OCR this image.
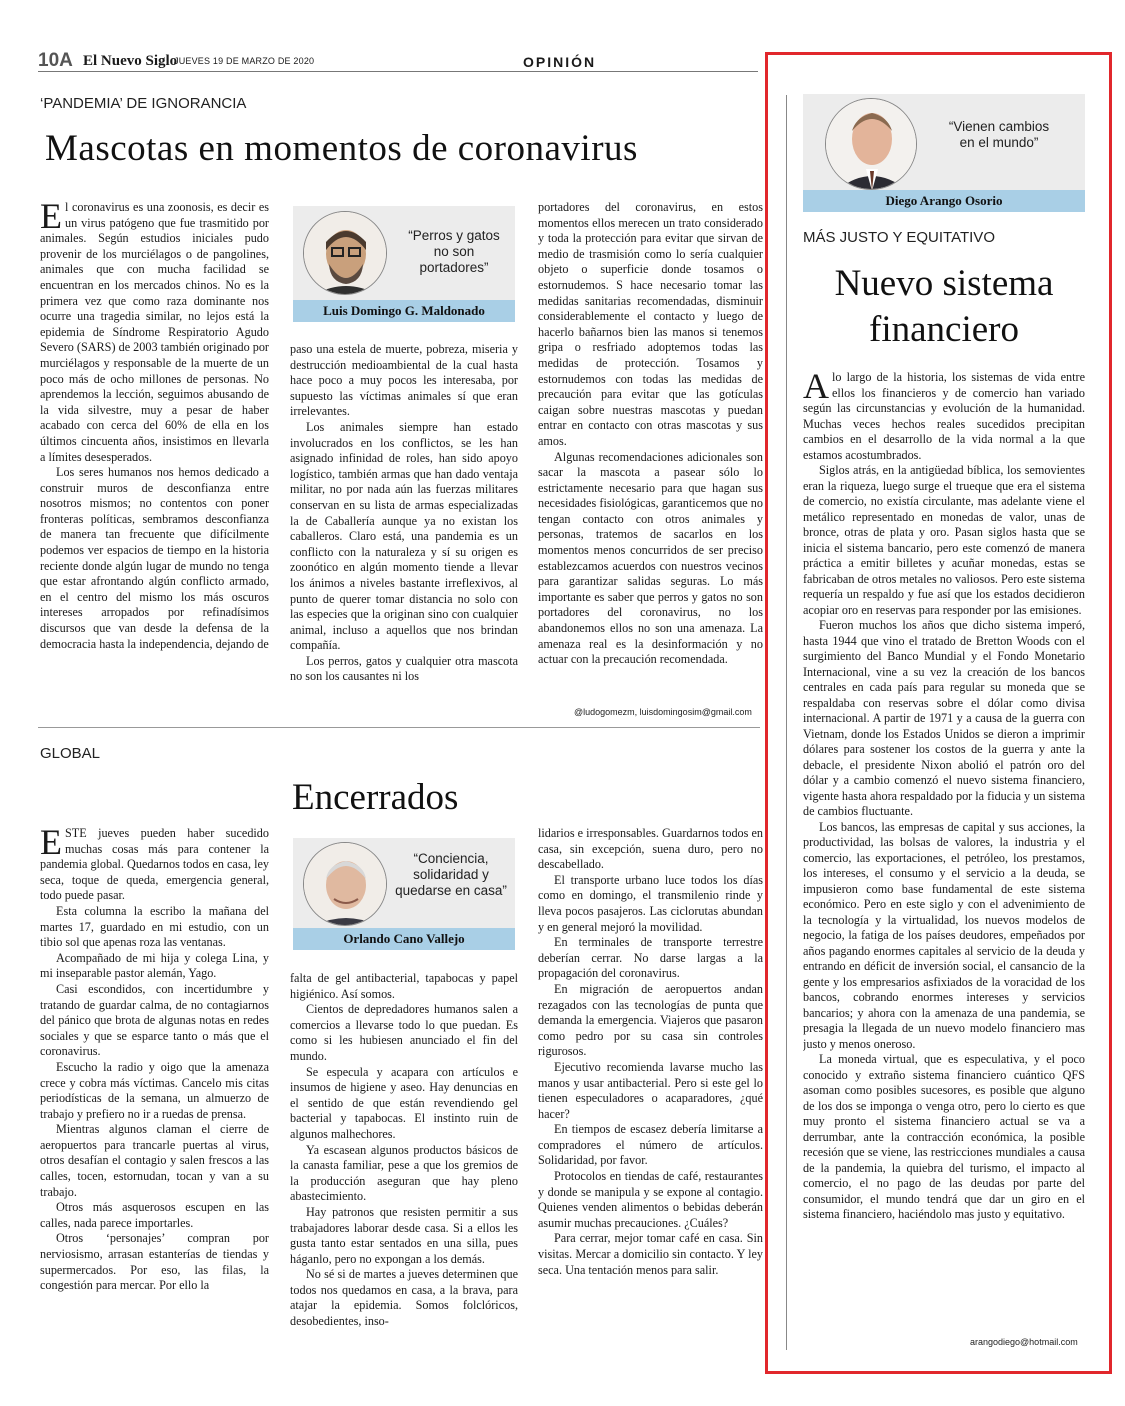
10A El Nuevo Siglo
JUEVES 19 DE MARZO DE 2020	OPINIÓN
‘PANDEMIA’ DE IGNORANCIA
Mascotas en momentos de coronavirus

El coronavirus es una zoonosis, es decir es un virus patógeno que fue trasmitido por animales. Según estudios iniciales pudo provenir de los murciélagos o de pangolines, animales que con mucha facilidad se encuentran en los mercados chinos. No es la primera vez que como raza dominante nos ocurre una tragedia similar, no lejos está la epidemia de Síndrome Respiratorio Agudo Severo (SARS) de 2003 también originado por murciélagos y responsable de la muerte de un poco más de ocho millones de personas. No aprendemos la lección, seguimos abusando de la vida silvestre, muy a pesar de haber acabado con cerca del 60% de ella en los últimos cincuenta años, insistimos en llevarla a límites desesperados.

Los seres humanos nos hemos dedicado a construir muros de desconfianza entre nosotros mismos; no contentos con poner fronteras políticas, sembramos desconfianza de manera tan frecuente que difícilmente podemos ver espacios de tiempo en la historia reciente donde algún lugar de mundo no tenga que estar afrontando algún conflicto armado, en el centro del mismo los más oscuros intereses arropados por refinadísimos discursos que van desde la defensa de la democracia hasta la independencia, dejando de

“Perros y gatos no son portadores”
Luis Domingo G. Maldonado

paso una estela de muerte, pobreza, miseria y destrucción medioambiental de la cual hasta hace poco a muy pocos les interesaba, por supuesto las víctimas animales sí que eran irrelevantes.

Los animales siempre han estado involucrados en los conflictos, se les han asignado infinidad de roles, han sido apoyo logístico, también armas que han dado ventaja militar, no por nada aún las fuerzas militares conservan en su lista de armas especializadas la de Caballería aunque ya no existan los caballeros. Claro está, una pandemia es un conflicto con la naturaleza y sí su origen es zoonótico en algún momento tiende a llevar los ánimos a niveles bastante irreflexivos, al punto de querer tomar distancia no solo con las especies que la originan sino con cualquier animal, incluso a aquellos que nos brindan compañía.

Los perros, gatos y cualquier otra mascota no son los causantes ni los

portadores del coronavirus, en estos momentos ellos merecen un trato considerado y toda la protección para evitar que sirvan de medio de trasmisión como lo sería cualquier objeto o superficie donde tosamos o estornudemos. S hace necesario tomar las medidas sanitarias recomendadas, disminuir considerablemente el contacto y luego de hacerlo bañarnos bien las manos si tenemos gripa o resfriado adoptemos todas las medidas de protección. Tosamos y estornudemos con todas las medidas de precaución para evitar que las gotículas caigan sobre nuestras mascotas y puedan entrar en contacto con otras mascotas y sus amos.

Algunas recomendaciones adicionales son sacar la mascota a pasear sólo lo estrictamente necesario para que hagan sus necesidades fisiológicas, garanticemos que no tengan contacto con otros animales y personas, tratemos de sacarlos en los momentos menos concurridos de ser preciso establezcamos acuerdos con nuestros vecinos para garantizar salidas seguras. Lo más importante es saber que perros y gatos no son portadores del coronavirus, no los abandonemos ellos no son una amenaza. La amenaza real es la desinformación y no actuar con la precaución recomendada.

@ludogomezm, luisdomingosim@gmail.com
GLOBAL
Encerrados

ESTE jueves pueden haber sucedido muchas cosas más para contener la pandemia global. Quedarnos todos en casa, ley seca, toque de queda, emergencia general, todo puede pasar.

Esta columna la escribo la mañana del martes 17, guardado en mi estudio, con un tibio sol que apenas roza las ventanas.

Acompañado de mi hija y colega Lina, y mi inseparable pastor alemán, Yago.

Casi escondidos, con incertidumbre y tratando de guardar calma, de no contagiarnos del pánico que brota de algunas notas en redes sociales y que se esparce tanto o más que el coronavirus.

Escucho la radio y oigo que la amenaza crece y cobra más víctimas. Cancelo mis citas periodísticas de la semana, un almuerzo de trabajo y prefiero no ir a ruedas de prensa.

Mientras algunos claman el cierre de aeropuertos para trancarle puertas al virus, otros desafían el contagio y salen frescos a las calles, tocen, estornudan, tocan y van a su trabajo.

Otros más asquerosos escupen en las calles, nada parece importarles.

Otros ‘personajes’ compran por nerviosismo, arrasan estanterías de tiendas y supermercados. Por eso, las filas, la congestión para mercar. Por ello la

“Conciencia, solidaridad y quedarse en casa”
Orlando Cano Vallejo

falta de gel antibacterial, tapabocas y papel higiénico. Así somos.

Cientos de depredadores humanos salen a comercios a llevarse todo lo que puedan. Es como si les hubiesen anunciado el fin del mundo.

Se especula y acapara con artículos e insumos de higiene y aseo. Hay denuncias en el sentido de que están revendiendo gel bacterial y tapabocas. El instinto ruin de algunos malhechores.

Ya escasean algunos productos básicos de la canasta familiar, pese a que los gremios de la producción aseguran que hay pleno abastecimiento.

Hay patronos que resisten permitir a sus trabajadores laborar desde casa. Si a ellos les gusta tanto estar sentados en una silla, pues háganlo, pero no expongan a los demás.

No sé si de martes a jueves determinen que todos nos quedamos en casa, a la brava, para atajar la epidemia. Somos folclóricos, desobedientes, inso-

lidarios e irresponsables. Guardarnos todos en casa, sin excepción, suena duro, pero no descabellado.

El transporte urbano luce todos los días como en domingo, el transmilenio rinde y lleva pocos pasajeros. Las ciclorutas abundan y en general mejoró la movilidad.

En terminales de transporte terrestre deberían cerrar. No darse largas a la propagación del coronavirus.

En migración de aeropuertos andan rezagados con las tecnologías de punta que demanda la emergencia. Viajeros que pasaron como pedro por su casa sin controles rigurosos.

Ejecutivo recomienda lavarse mucho las manos y usar antibacterial. Pero si este gel lo tienen especuladores o acaparadores, ¿qué hacer?

En tiempos de escasez debería limitarse a compradores el número de artículos. Solidaridad, por favor.

Protocolos en tiendas de café, restaurantes y donde se manipula y se expone al contagio. Quienes venden alimentos o bebidas deberán asumir muchas precauciones. ¿Cuáles?

Para cerrar, mejor tomar café en casa. Sin visitas. Mercar a domicilio sin contacto. Y ley seca. Una tentación menos para salir.

“Vienen cambios en el mundo”
Diego Arango Osorio
MÁS JUSTO Y EQUITATIVO
Nuevo sistema financiero

Alo largo de la historia, los sistemas de vida entre ellos los financieros y de comercio han variado según las circunstancias y evolución de la humanidad. Muchas veces hechos reales sucedidos precipitan cambios en el desarrollo de la vida normal a la que estamos acostumbrados.

Siglos atrás, en la antigüedad bíblica, los semovientes eran la riqueza, luego surge el trueque que era el sistema de comercio, no existía circulante, mas adelante viene el metálico representado en monedas de valor, unas de bronce, otras de plata y oro. Pasan siglos hasta que se inicia el sistema bancario, pero este comenzó de manera práctica a emitir billetes y acuñar monedas, estas se fabricaban de otros metales no valiosos. Pero este sistema requería un respaldo y fue así que los estados decidieron acopiar oro en reservas para responder por las emisiones.

Fueron muchos los años que dicho sistema imperó, hasta 1944 que vino el tratado de Bretton Woods con el surgimiento del Banco Mundial y el Fondo Monetario Internacional, vine a su vez la creación de los bancos centrales en cada país para regular su moneda que se respaldaba con reservas sobre el dólar como divisa internacional. A partir de 1971 y a causa de la guerra con Vietnam, donde los Estados Unidos se dieron a imprimir dólares para sostener los costos de la guerra y ante la debacle, el presidente Nixon abolió el patrón oro del dólar y a cambio comenzó el nuevo sistema financiero, vigente hasta ahora respaldado por la fiducia y un sistema de cambios fluctuante.

Los bancos, las empresas de capital y sus acciones, la productividad, las bolsas de valores, la industria y el comercio, las exportaciones, el petróleo, los prestamos, los intereses, el consumo y el servicio a la deuda, se impusieron como base fundamental de este sistema económico. Pero en este siglo y con el advenimiento de la tecnología y la virtualidad, los nuevos modelos de negocio, la fatiga de los países deudores, empeñados por años pagando enormes capitales al servicio de la deuda y entrando en déficit de inversión social, el cansancio de la gente y los empresarios asfixiados de la voracidad de los bancos, cobrando enormes intereses y servicios bancarios; y ahora con la amenaza de una pandemia, se presagia la llegada de un nuevo modelo financiero mas justo y menos oneroso.

La moneda virtual, que es especulativa, y el poco conocido y extraño sistema financiero cuántico QFS asoman como posibles sucesores, es posible que alguno de los dos se imponga o venga otro, pero lo cierto es que muy pronto el sistema financiero actual se va a derrumbar, ante la contracción económica, la posible recesión que se viene, las restricciones mundiales a causa de la pandemia, la quiebra del turismo, el impacto al comercio, el no pago de las deudas por parte del consumidor, el mundo tendrá que dar un giro en el sistema financiero, haciéndolo mas justo y equitativo.

arangodiego@hotmail.com
